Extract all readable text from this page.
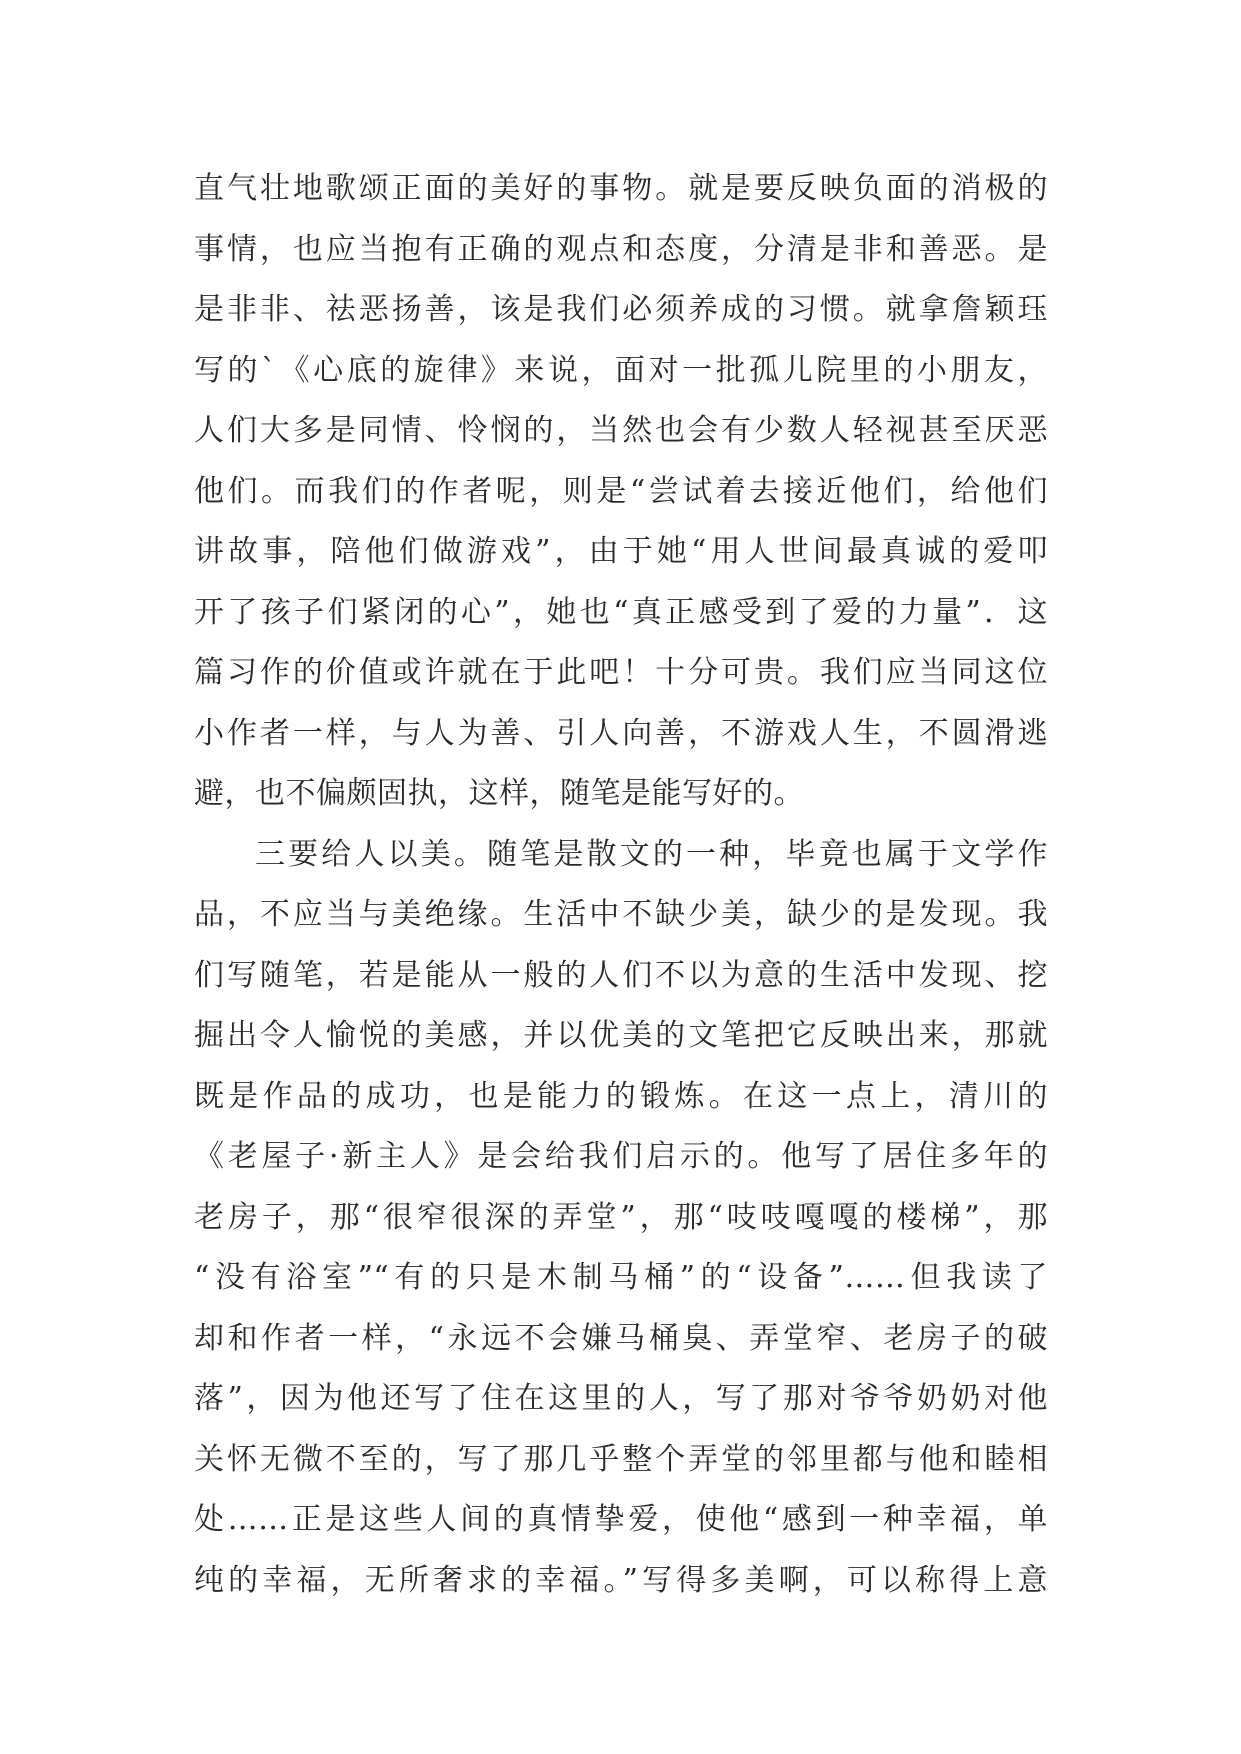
直气壮地歌颂正面的美好的事物。就是要反映负面的消极的
事情，也应当抱有正确的观点和态度，分清是非和善恶。是
是非非、祛恶扬善，该是我们必须养成的习惯。就拿詹颖珏
写的`《心底的旋律》来说，面对一批孤儿院里的小朋友，
人们大多是同情、怜悯的，当然也会有少数人轻视甚至厌恶
他们。而我们的作者呢，则是“尝试着去接近他们，给他们
讲故事，陪他们做游戏”，由于她“用人世间最真诚的爱叩
开了孩子们紧闭的心”，她也“真正感受到了爱的力量”．这
篇习作的价值或许就在于此吧！十分可贵。我们应当同这位
小作者一样，与人为善、引人向善，不游戏人生，不圆滑逃
避，也不偏颇固执，这样，随笔是能写好的。
三要给人以美。随笔是散文的一种，毕竟也属于文学作
品，不应当与美绝缘。生活中不缺少美，缺少的是发现。我
们写随笔，若是能从一般的人们不以为意的生活中发现、挖
掘出令人愉悦的美感，并以优美的文笔把它反映出来，那就
既是作品的成功，也是能力的锻炼。在这一点上，清川的
《老屋子·新主人》是会给我们启示的。他写了居住多年的
老房子，那“很窄很深的弄堂”，那“吱吱嘎嘎的楼梯”，那
“没有浴室”“有的只是木制马桶”的“设备”……但我读了
却和作者一样，“永远不会嫌马桶臭、弄堂窄、老房子的破
落”，因为他还写了住在这里的人，写了那对爷爷奶奶对他
关怀无微不至的，写了那几乎整个弄堂的邻里都与他和睦相
处……正是这些人间的真情挚爱，使他“感到一种幸福，单
纯的幸福，无所奢求的幸福。”写得多美啊，可以称得上意
